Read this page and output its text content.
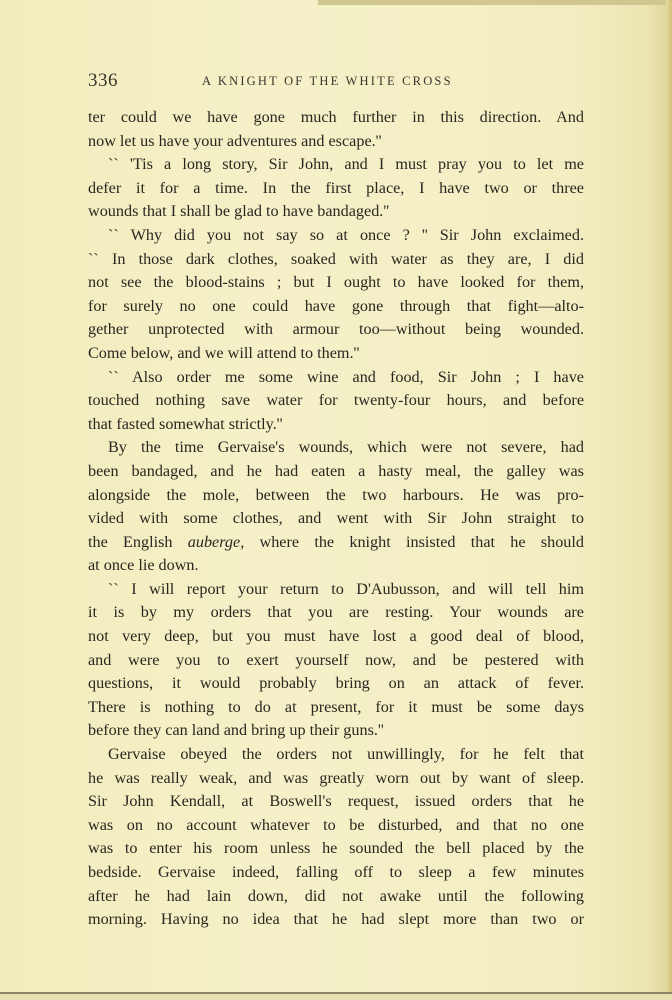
336	A KNIGHT OF THE WHITE CROSS
ter could we have gone much further in this direction. And
now let us have your adventures and escape.''
`` 'Tis a long story, Sir John, and I must pray you to let me
defer it for a time. In the first place, I have two or three
wounds that I shall be glad to have bandaged.''
`` Why did you not say so at once ? '' Sir John exclaimed.
`` In those dark clothes, soaked with water as they are, I did
not see the blood-stains ; but I ought to have looked for them,
for surely no one could have gone through that fight—alto-
gether unprotected with armour too—without being wounded.
Come below, and we will attend to them.''
`` Also order me some wine and food, Sir John ; I have
touched nothing save water for twenty-four hours, and before
that fasted somewhat strictly.''
By the time Gervaise's wounds, which were not severe, had
been bandaged, and he had eaten a hasty meal, the galley was
alongside the mole, between the two harbours. He was pro-
vided with some clothes, and went with Sir John straight to
the English auberge, where the knight insisted that he should
at once lie down.
`` I will report your return to D'Aubusson, and will tell him
it is by my orders that you are resting. Your wounds are
not very deep, but you must have lost a good deal of blood,
and were you to exert yourself now, and be pestered with
questions, it would probably bring on an attack of fever.
There is nothing to do at present, for it must be some days
before they can land and bring up their guns.''
Gervaise obeyed the orders not unwillingly, for he felt that
he was really weak, and was greatly worn out by want of sleep.
Sir John Kendall, at Boswell's request, issued orders that he
was on no account whatever to be disturbed, and that no one
was to enter his room unless he sounded the bell placed by the
bedside. Gervaise indeed, falling off to sleep a few minutes
after he had lain down, did not awake until the following
morning. Having no idea that he had slept more than two or
